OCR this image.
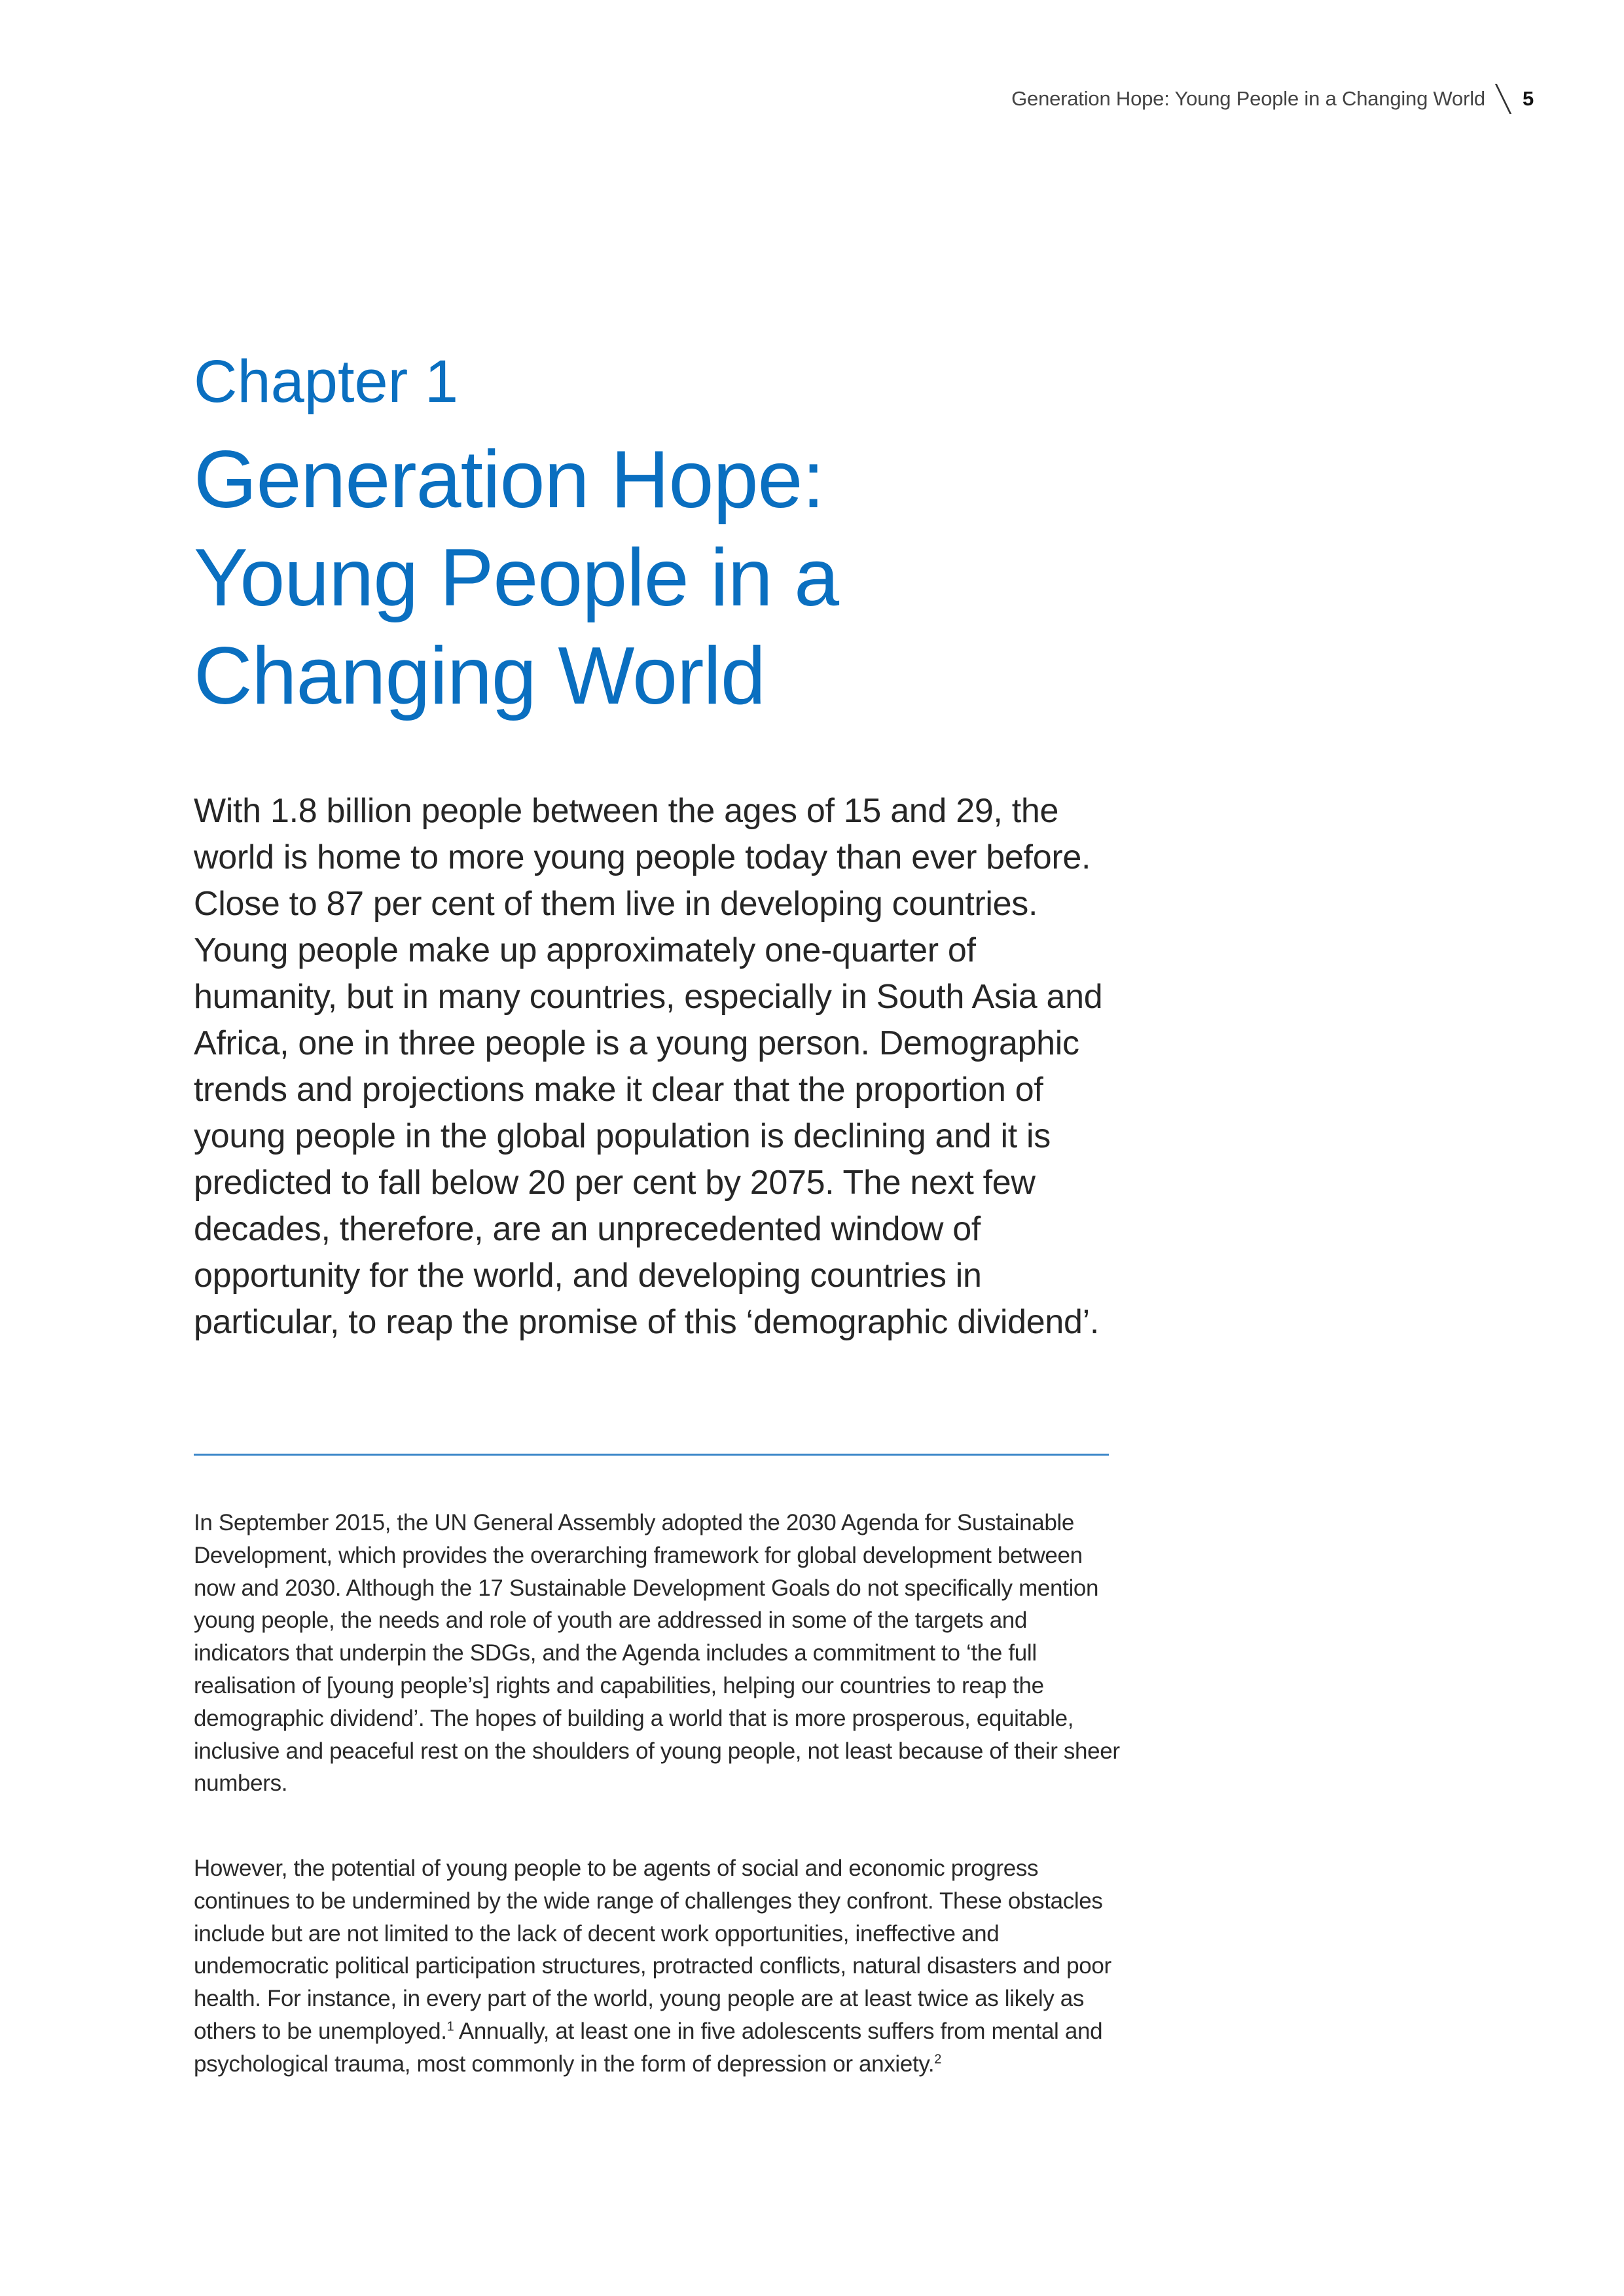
Generation Hope: Young People in a Changing World 5
Chapter 1
Generation Hope:
Young People in a
Changing World

With 1.8 billion people between the ages of 15 and 29, the world is home to more young people today than ever before. Close to 87 per cent of them live in developing countries. Young people make up approximately one-quarter of humanity, but in many countries, especially in South Asia and Africa, one in three people is a young person. Demographic trends and projections make it clear that the proportion of young people in the global population is declining and it is predicted to fall below 20 per cent by 2075. The next few decades, therefore, are an unprecedented window of opportunity for the world, and developing countries in particular, to reap the promise of this ‘demographic dividend’.

In September 2015, the UN General Assembly adopted the 2030 Agenda for Sustainable Development, which provides the overarching framework for global development between now and 2030. Although the 17 Sustainable Development Goals do not specifically mention young people, the needs and role of youth are addressed in some of the targets and indicators that underpin the SDGs, and the Agenda includes a commitment to ‘the full realisation of [young people’s] rights and capabilities, helping our countries to reap the demographic dividend’. The hopes of building a world that is more prosperous, equitable, inclusive and peaceful rest on the shoulders of young people, not least because of their sheer numbers.

However, the potential of young people to be agents of social and economic progress continues to be undermined by the wide range of challenges they confront. These obstacles include but are not limited to the lack of decent work opportunities, ineffective and undemocratic political participation structures, protracted conflicts, natural disasters and poor health. For instance, in every part of the world, young people are at least twice as likely as others to be unemployed.$^1$ Annually, at least one in five adolescents suffers from mental and psychological trauma, most commonly in the form of depression or anxiety.$^2$
